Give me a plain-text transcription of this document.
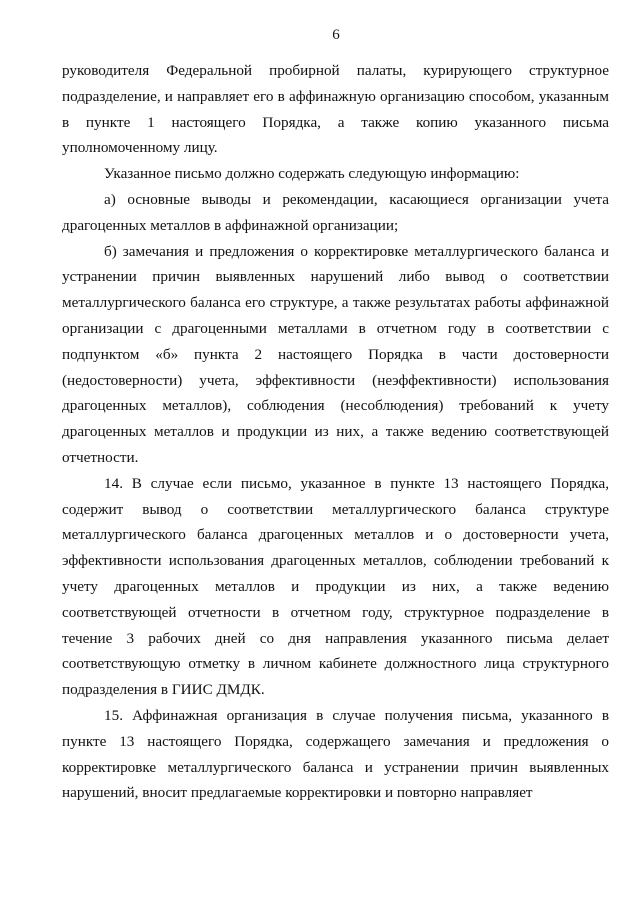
6

руководителя Федеральной пробирной палаты, курирующего структурное подразделение, и направляет его в аффинажную организацию способом, указанным в пункте 1 настоящего Порядка, а также копию указанного письма уполномоченному лицу.

Указанное письмо должно содержать следующую информацию:

а) основные выводы и рекомендации, касающиеся организации учета драгоценных металлов в аффинажной организации;

б) замечания и предложения о корректировке металлургического баланса и устранении причин выявленных нарушений либо вывод о соответствии металлургического баланса его структуре, а также результатах работы аффинажной организации с драгоценными металлами в отчетном году в соответствии с подпунктом «б» пункта 2 настоящего Порядка в части достоверности (недостоверности) учета, эффективности (неэффективности) использования драгоценных металлов), соблюдения (несоблюдения) требований к учету драгоценных металлов и продукции из них, а также ведению соответствующей отчетности.

14. В случае если письмо, указанное в пункте 13 настоящего Порядка, содержит вывод о соответствии металлургического баланса структуре металлургического баланса драгоценных металлов и о достоверности учета, эффективности использования драгоценных металлов, соблюдении требований к учету драгоценных металлов и продукции из них, а также ведению соответствующей отчетности в отчетном году, структурное подразделение в течение 3 рабочих дней со дня направления указанного письма делает соответствующую отметку в личном кабинете должностного лица структурного подразделения в ГИИС ДМДК.

15. Аффинажная организация в случае получения письма, указанного в пункте 13 настоящего Порядка, содержащего замечания и предложения о корректировке металлургического баланса и устранении причин выявленных нарушений, вносит предлагаемые корректировки и повторно направляет
